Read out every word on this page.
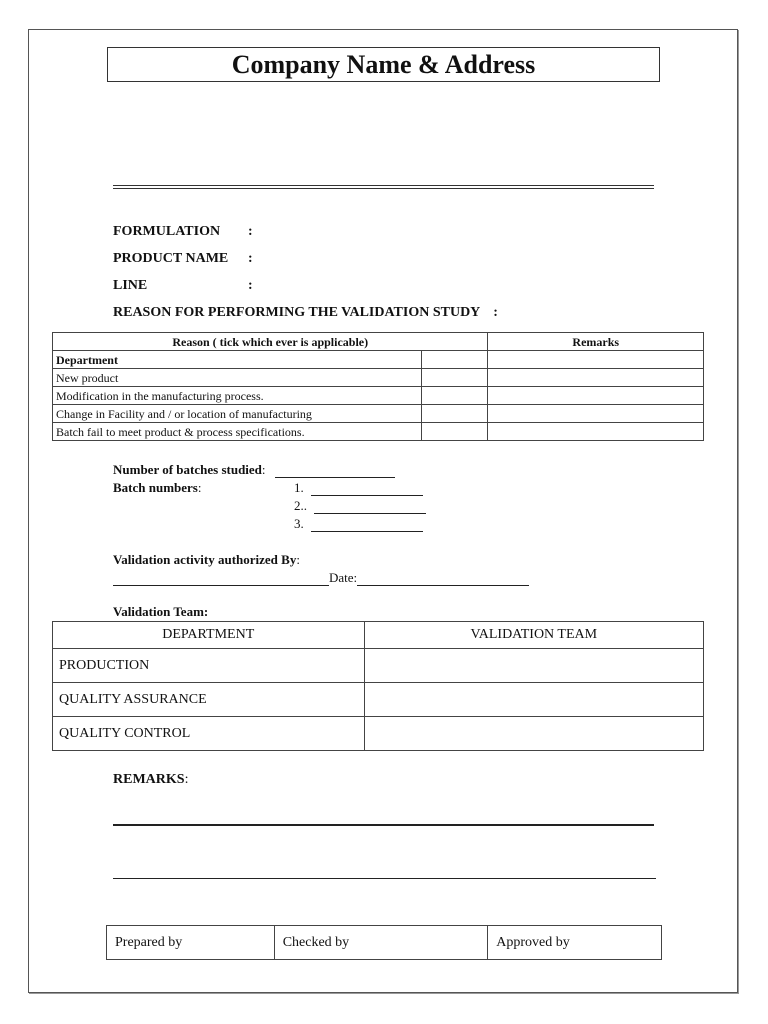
Company Name & Address
FORMULATION :
PRODUCT NAME :
LINE	:
REASON FOR PERFORMING THE VALIDATION STUDY :
Reason ( tick which ever is applicable)		Remarks
Department		
New product		
Modification in the manufacturing process.		
Change in Facility and / or location of manufacturing		
Batch fail to meet product & process specifications.		
Number of batches studied:
Batch numbers:	1.
2..
3.
Validation activity authorized By:
Date:
Validation Team:
DEPARTMENT	VALIDATION TEAM
PRODUCTION	
QUALITY ASSURANCE	
QUALITY CONTROL	
REMARKS:
Prepared by	Checked by	Approved by
